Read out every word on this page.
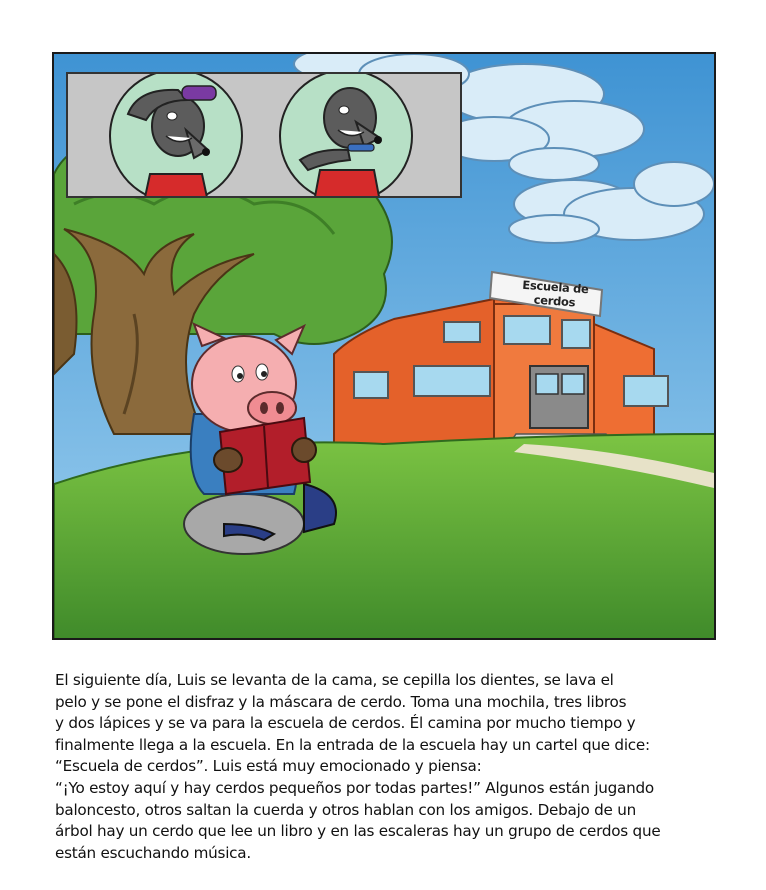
Escuela de cerdos
El siguiente día, Luis se levanta de la cama, se cepilla los dientes, se lava el
pelo y se pone el disfraz y la máscara de cerdo. Toma una mochila, tres libros
y dos lápices y se va para la escuela de cerdos. Él camina por mucho tiempo y
finalmente llega a la escuela. En la entrada de la escuela hay un cartel que dice:
“Escuela de cerdos”. Luis está muy emocionado y piensa:
“¡Yo estoy aquí y hay cerdos pequeños por todas partes!” Algunos están jugando
baloncesto, otros saltan la cuerda y otros hablan con los amigos. Debajo de un
árbol hay un cerdo que lee un libro y en las escaleras hay un grupo de cerdos que
están escuchando música.
